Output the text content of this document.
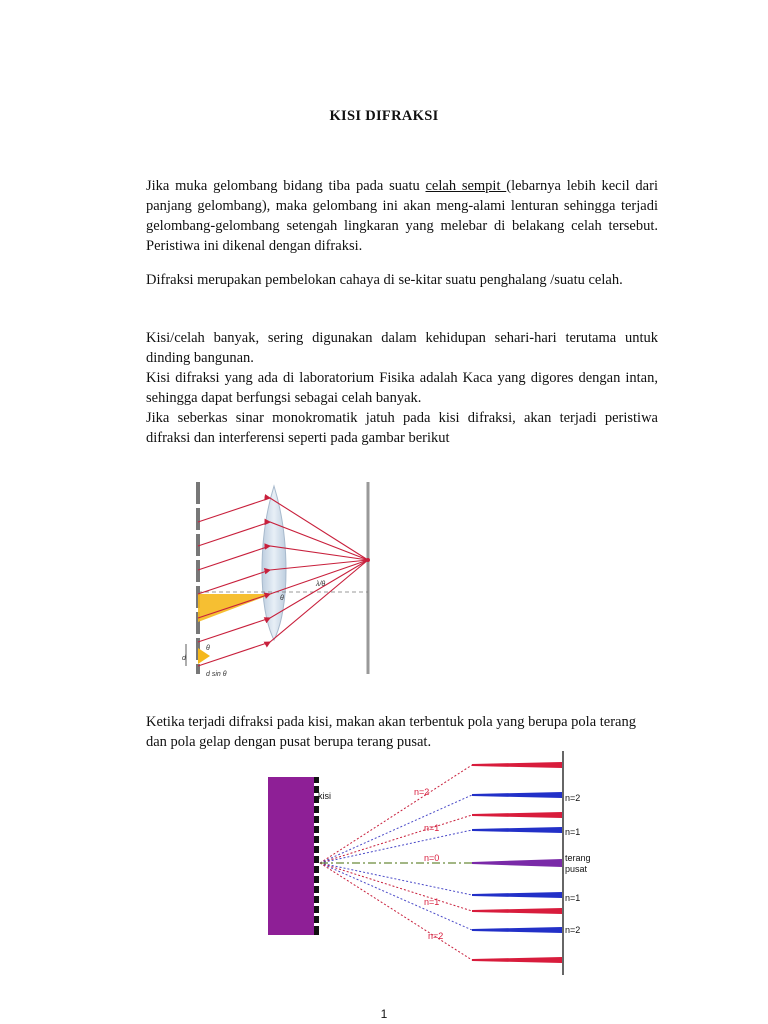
KISI DIFRAKSI

Jika muka gelombang bidang tiba pada suatu celah sempit (lebarnya lebih kecil dari panjang gelombang), maka gelombang ini akan meng-alami lenturan sehingga terjadi gelombang-gelombang setengah lingkaran yang melebar di belakang celah tersebut. Peristiwa ini dikenal dengan difraksi.

Difraksi merupakan pembelokan cahaya di se-kitar suatu penghalang /suatu celah.

Kisi/celah banyak, sering digunakan dalam kehidupan sehari-hari terutama untuk dinding bangunan.

Kisi difraksi yang ada di laboratorium Fisika adalah Kaca yang digores dengan intan, sehingga dapat berfungsi sebagai celah banyak.

Jika seberkas sinar monokromatik jatuh pada kisi difraksi, akan terjadi peristiwa difraksi dan interferensi seperti pada gambar berikut

θ
λ/θ
θ
d
d sin θ

Ketika terjadi difraksi pada kisi, makan akan terbentuk pola yang berupa pola terang dan pola gelap dengan pusat berupa terang pusat.

kisi	n=2
n=1
n=0
n=1
n=2
n=2
n=1
terang
pusat
n=1
n=2
1
